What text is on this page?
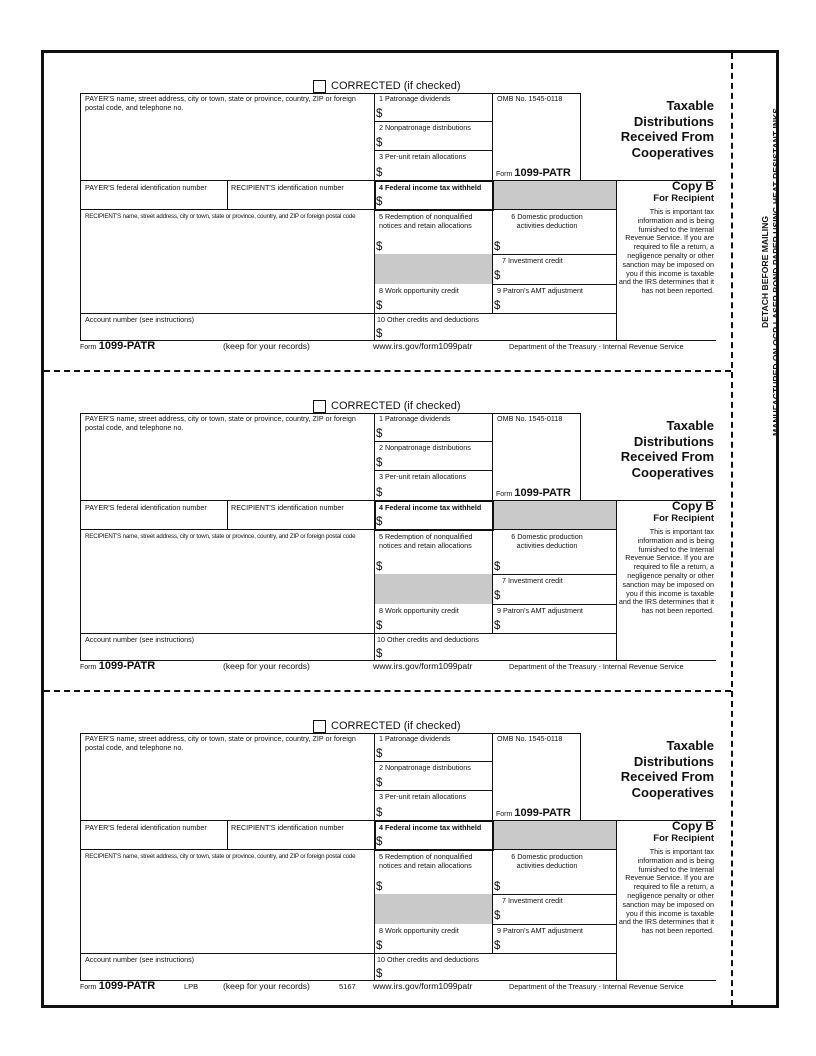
DETACH BEFORE MAILING MANUFACTURED ON OCR LASER BOND PAPER USING HEAT RESISTANT INKS
CORRECTED (if checked)
PAYER'S name, street address, city or town, state or province, country, ZIP or foreign postal code, and telephone no.
1 Patronage dividends
$
2 Nonpatronage distributions
$
3 Per-unit retain allocations
$
OMB No. 1545-0118
Form 1099-PATR
Taxable Distributions Received From Cooperatives
PAYER'S federal identification number	RECIPIENT'S identification number	4 Federal income tax withheld
$
Copy B
For Recipient
RECIPIENT'S name, street address, city or town, state or province, country, and ZIP or foreign postal code	5 Redemption of nonqualified notices and retain allocations
$
6 Domestic production activities deduction
$
7 Investment credit
$
8 Work opportunity credit
$
9 Patron's AMT adjustment
$
Account number (see instructions)	10 Other credits and deductions
$
This is important tax information and is being furnished to the Internal Revenue Service. If you are required to file a return, a negligence penalty or other sanction may be imposed on you if this income is taxable and the IRS determines that it has not been reported.
Form 1099-PATR	(keep for your records)	www.irs.gov/form1099patr	Department of the Treasury - Internal Revenue Service
CORRECTED (if checked)
PAYER'S name, street address, city or town, state or province, country, ZIP or foreign postal code, and telephone no.
1 Patronage dividends
$
2 Nonpatronage distributions
$
3 Per-unit retain allocations
$
OMB No. 1545-0118
Form 1099-PATR
Taxable Distributions Received From Cooperatives
PAYER'S federal identification number	RECIPIENT'S identification number	4 Federal income tax withheld
$
Copy B
For Recipient
RECIPIENT'S name, street address, city or town, state or province, country, and ZIP or foreign postal code	5 Redemption of nonqualified notices and retain allocations
$
6 Domestic production activities deduction
$
7 Investment credit
$
8 Work opportunity credit
$
9 Patron's AMT adjustment
$
Account number (see instructions)	10 Other credits and deductions
$
This is important tax information and is being furnished to the Internal Revenue Service. If you are required to file a return, a negligence penalty or other sanction may be imposed on you if this income is taxable and the IRS determines that it has not been reported.
Form 1099-PATR	(keep for your records)	www.irs.gov/form1099patr	Department of the Treasury - Internal Revenue Service
CORRECTED (if checked)
PAYER'S name, street address, city or town, state or province, country, ZIP or foreign postal code, and telephone no.
1 Patronage dividends
$
2 Nonpatronage distributions
$
3 Per-unit retain allocations
$
OMB No. 1545-0118
Form 1099-PATR
Taxable Distributions Received From Cooperatives
PAYER'S federal identification number	RECIPIENT'S identification number	4 Federal income tax withheld
$
Copy B
For Recipient
RECIPIENT'S name, street address, city or town, state or province, country, and ZIP or foreign postal code	5 Redemption of nonqualified notices and retain allocations
$
6 Domestic production activities deduction
$
7 Investment credit
$
8 Work opportunity credit
$
9 Patron's AMT adjustment
$
Account number (see instructions)	10 Other credits and deductions
$
This is important tax information and is being furnished to the Internal Revenue Service. If you are required to file a return, a negligence penalty or other sanction may be imposed on you if this income is taxable and the IRS determines that it has not been reported.
Form 1099-PATR	LPB	(keep for your records)	5167 www.irs.gov/form1099patr	Department of the Treasury - Internal Revenue Service
